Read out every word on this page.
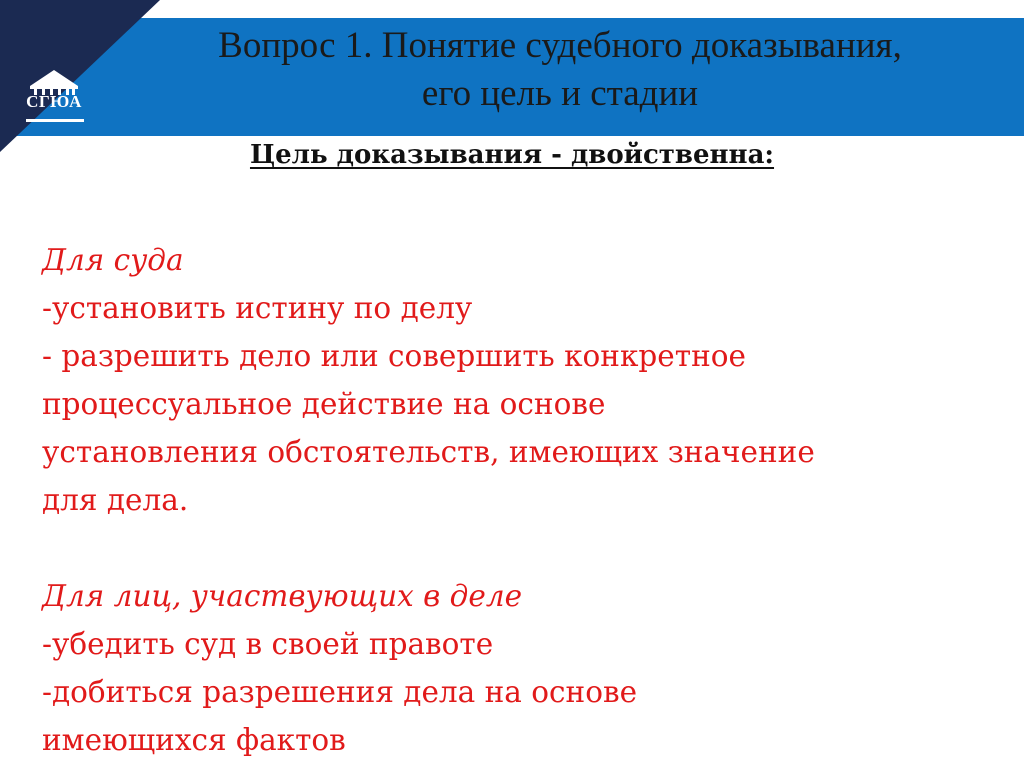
СГЮА
Вопрос 1. Понятие судебного доказывания,
его цель и стадии
Цель доказывания - двойственна:
Для суда
-установить истину по делу
- разрешить дело или совершить конкретное
процессуальное действие на основе
установления обстоятельств, имеющих значение
для дела.
Для лиц, участвующих в деле
-убедить суд в своей правоте
-добиться разрешения дела на основе
имеющихся фактов
